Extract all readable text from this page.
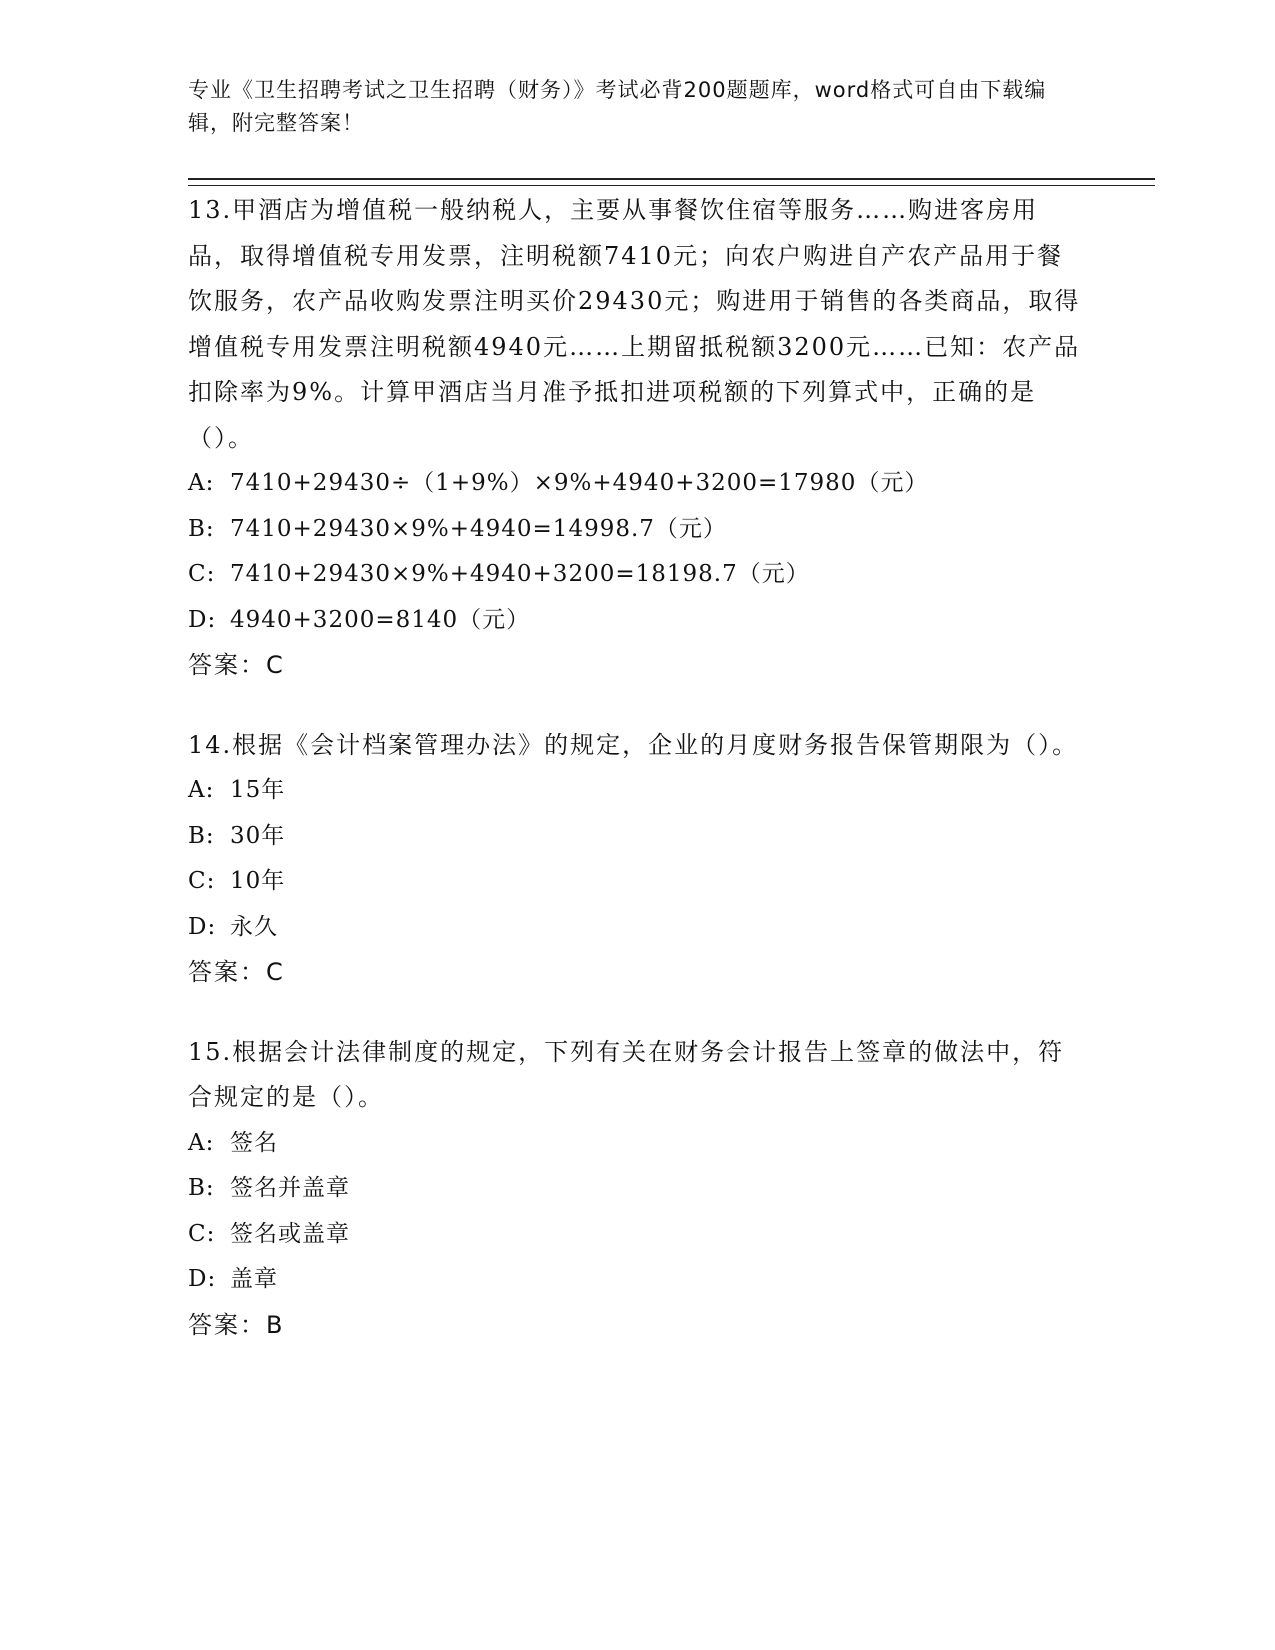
专业《卫生招聘考试之卫生招聘（财务）》考试必背200题题库，word格式可自由下载编辑，附完整答案！
13.甲酒店为增值税一般纳税人，主要从事餐饮住宿等服务……购进客房用品，取得增值税专用发票，注明税额7410元；向农户购进自产农产品用于餐饮服务，农产品收购发票注明买价29430元；购进用于销售的各类商品，取得增值税专用发票注明税额4940元……上期留抵税额3200元……已知：农产品扣除率为9%。计算甲酒店当月准予抵扣进项税额的下列算式中，正确的是（）。
A: 7410+29430÷（1+9%）×9%+4940+3200=17980（元）
B: 7410+29430×9%+4940=14998.7（元）
C: 7410+29430×9%+4940+3200=18198.7（元）
D: 4940+3200=8140（元）
答案：C
14.根据《会计档案管理办法》的规定，企业的月度财务报告保管期限为（）。
A: 15年
B: 30年
C: 10年
D: 永久
答案：C
15.根据会计法律制度的规定，下列有关在财务会计报告上签章的做法中，符合规定的是（）。
A: 签名
B: 签名并盖章
C: 签名或盖章
D: 盖章
答案：B
